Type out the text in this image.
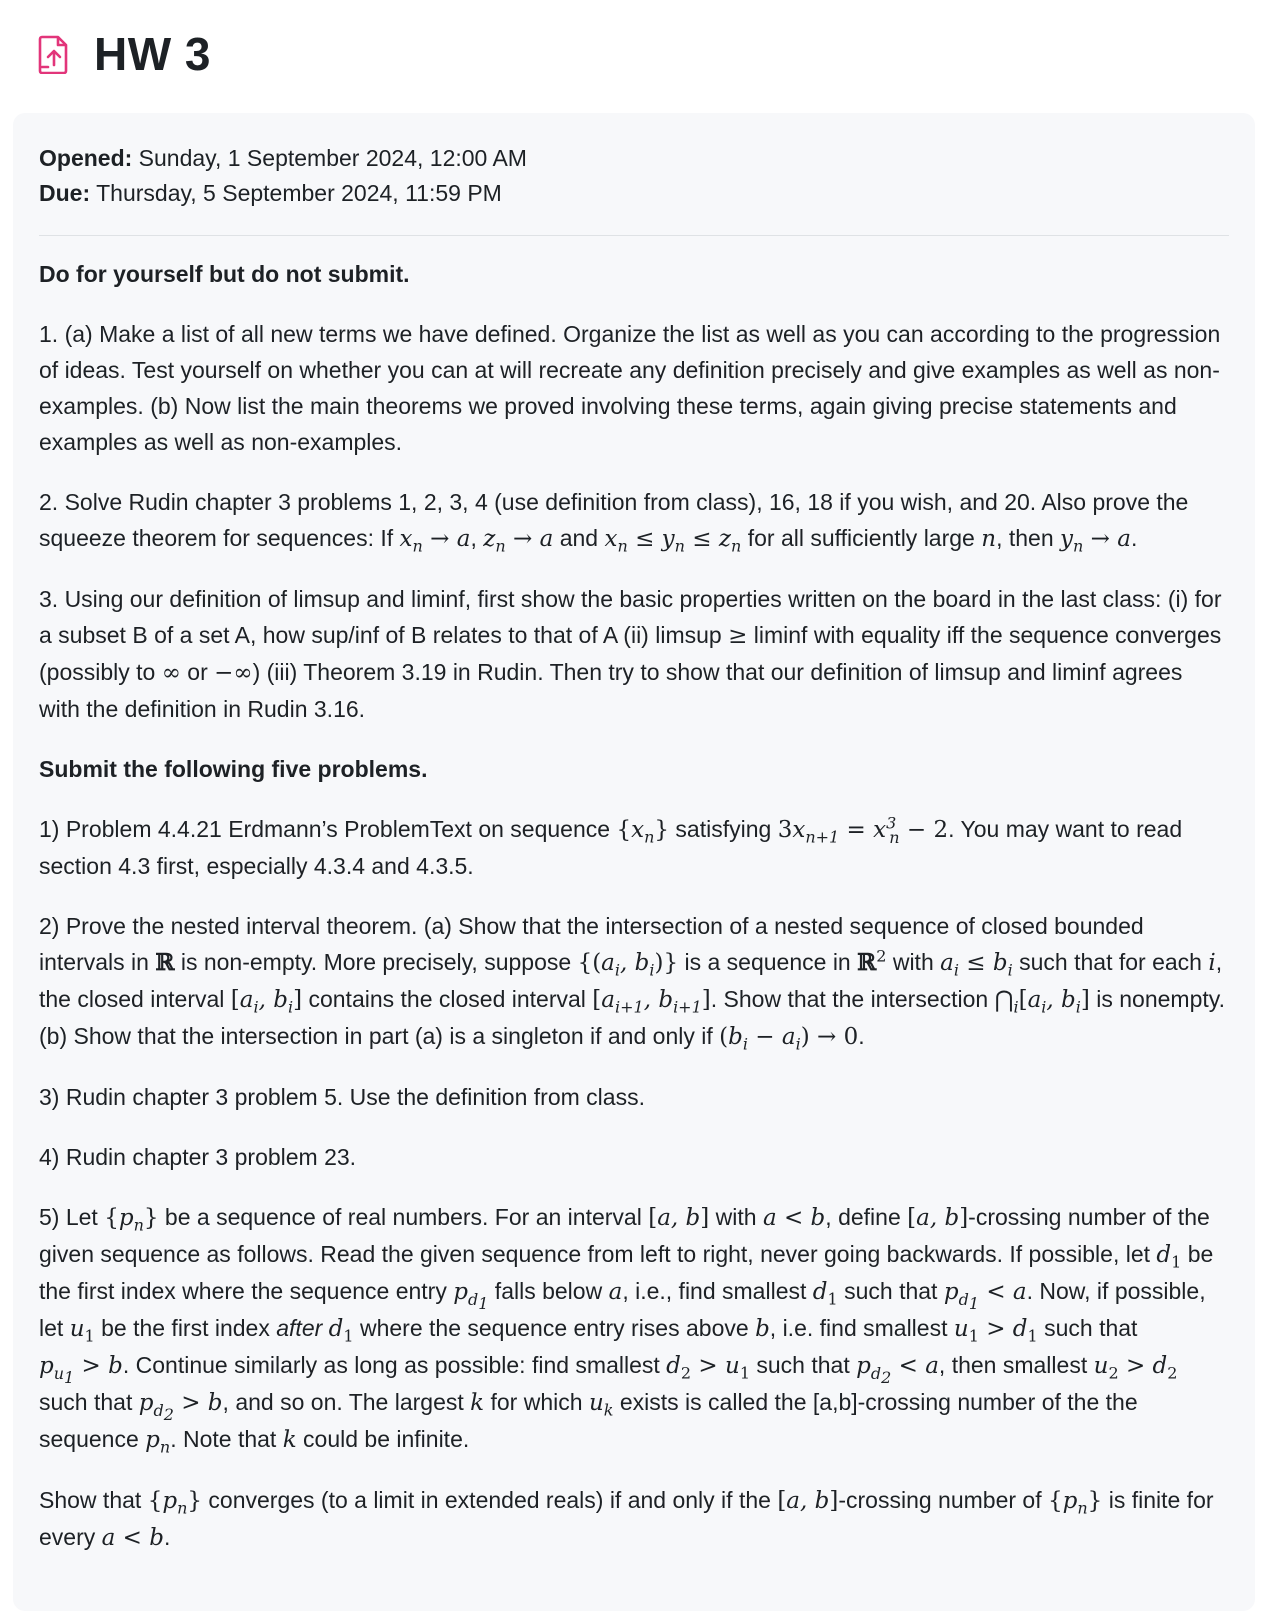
HW 3
Opened: Sunday, 1 September 2024, 12:00 AM
Due: Thursday, 5 September 2024, 11:59 PM

Do for yourself but do not submit.

1. (a) Make a list of all new terms we have defined. Organize the list as well as you can according to the progression of ideas. Test yourself on whether you can at will recreate any definition precisely and give examples as well as non-examples. (b) Now list the main theorems we proved involving these terms, again giving precise statements and examples as well as non-examples.

2. Solve Rudin chapter 3 problems 1, 2, 3, 4 (use definition from class), 16, 18 if you wish, and 20. Also prove the squeeze theorem for sequences: If $x_n \to a$, $z_n \to a$ and $x_n \le y_n \le z_n$ for all sufficiently large n, then $y_n \to a$.

3. Using our definition of limsup and liminf, first show the basic properties written on the board in the last class: (i) for a subset B of a set A, how sup/inf of B relates to that of A (ii) limsup ≥ liminf with equality iff the sequence converges (possibly to ∞ or −∞) (iii) Theorem 3.19 in Rudin. Then try to show that our definition of limsup and liminf agrees with the definition in Rudin 3.16.

Submit the following five problems.

1) Problem 4.4.21 Erdmann’s ProblemText on sequence $\{x_n\}$ satisfying $3x_{n+1} = x^3_n - 2$. You may want to read section 4.3 first, especially 4.3.4 and 4.3.5.

2) Prove the nested interval theorem. (a) Show that the intersection of a nested sequence of closed bounded intervals in ℝ is non-empty. More precisely, suppose {($a_i$, $b_i$)} is a sequence in ℝ$^2$ with $a_i \le b_i$ such that for each i, the closed interval [$a_i$, $b_i$] contains the closed interval [$a_{i+1}$, $b_{i+1}$]. Show that the intersection $⋂_i[a_i$, $b_i$] is nonempty. (b) Show that the intersection in part (a) is a singleton if and only if $(b_i - a_i) \to 0$.

3) Rudin chapter 3 problem 5. Use the definition from class.

4) Rudin chapter 3 problem 23.

5) Let $\{p_n\}$ be a sequence of real numbers. For an interval [a, b] with a < b, define [a, b]-crossing number of the given sequence as follows. Read the given sequence from left to right, never going backwards. If possible, let $d_1$ be the first index where the sequence entry $p_{d_1}$ falls below a, i.e., find smallest $d_1$ such that $p_{d_1} < a$. Now, if possible, let $u_1$ be the first index after $d_1$ where the sequence entry rises above b, i.e. find smallest $u_1 > d_1$ such that $p_{u_1} > b$. Continue similarly as long as possible: find smallest $d_2 > u_1$ such that $p_{d_2} < a$, then smallest $u_2 > d_2$ such that $p_{d_2} > b$, and so on. The largest k for which $u_k$ exists is called the [a,b]-crossing number of the the sequence $p_n$. Note that k could be infinite.

Show that $\{p_n\}$ converges (to a limit in extended reals) if and only if the [a, b]-crossing number of $\{p_n\}$ is finite for every a < b.
